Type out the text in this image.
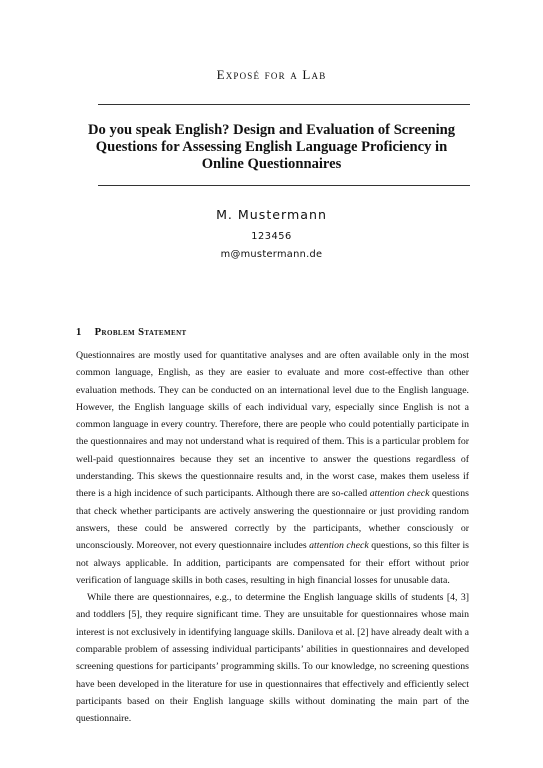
Exposé for a Lab
Do you speak English? Design and Evaluation of Screening Questions for Assessing English Language Proficiency in Online Questionnaires
M. Mustermann
123456
m@mustermann.de
1 Problem Statement

Questionnaires are mostly used for quantitative analyses and are often available only in the most common language, English, as they are easier to evaluate and more cost-effective than other evaluation methods. They can be conducted on an international level due to the English language. However, the English language skills of each individual vary, especially since English is not a common language in every country. Therefore, there are people who could potentially participate in the questionnaires and may not understand what is required of them. This is a particular problem for well-paid questionnaires because they set an incentive to answer the questions regardless of understanding. This skews the questionnaire results and, in the worst case, makes them useless if there is a high incidence of such participants. Although there are so-called attention check questions that check whether participants are actively answering the questionnaire or just providing random answers, these could be answered correctly by the participants, whether consciously or unconsciously. Moreover, not every questionnaire includes attention check questions, so this filter is not always applicable. In addition, participants are compensated for their effort without prior verification of language skills in both cases, resulting in high financial losses for unusable data.

While there are questionnaires, e.g., to determine the English language skills of students [4, 3] and toddlers [5], they require significant time. They are unsuitable for questionnaires whose main interest is not exclusively in identifying language skills. Danilova et al. [2] have already dealt with a comparable problem of assessing individual participants’ abilities in questionnaires and developed screening questions for participants’ programming skills. To our knowledge, no screening questions have been developed in the literature for use in questionnaires that effectively and efficiently select participants based on their English language skills without dominating the main part of the questionnaire.
